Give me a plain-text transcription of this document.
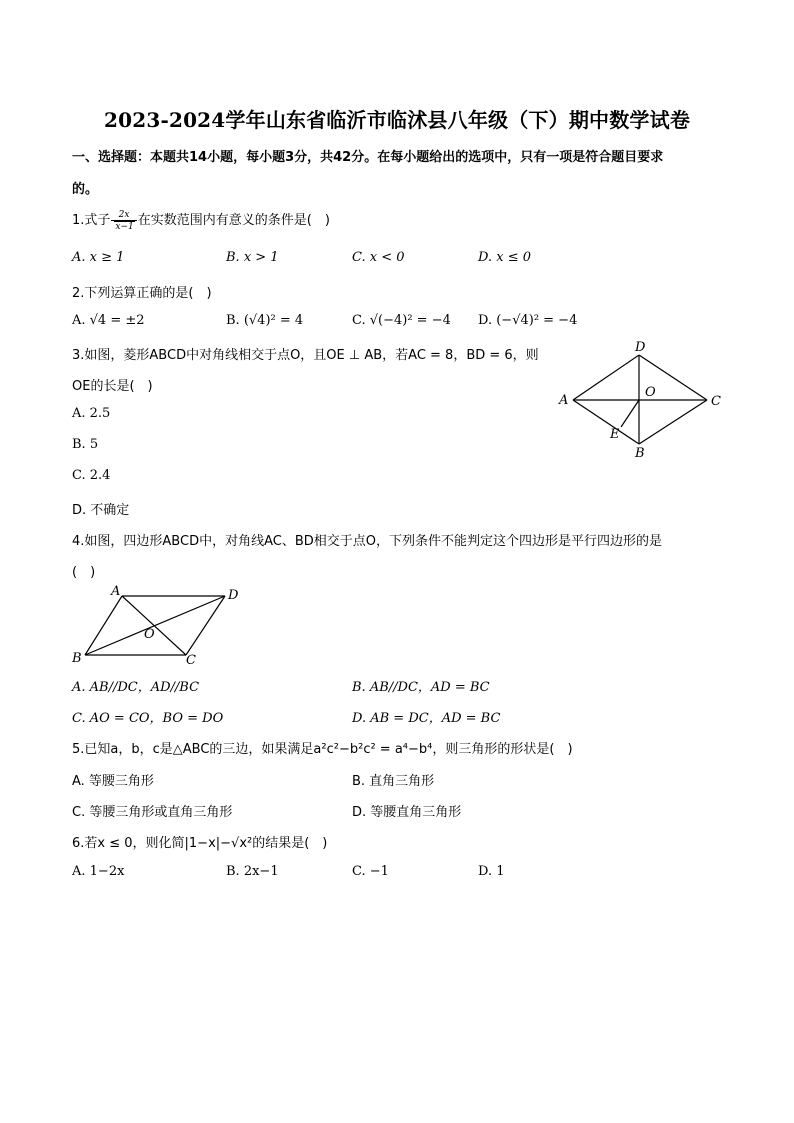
2023-2024学年山东省临沂市临沭县八年级（下）期中数学试卷
一、选择题：本题共14小题，每小题3分，共42分。在每小题给出的选项中，只有一项是符合题目要求
的。
1.式子 $\frac{2x}{x-1}$ 在实数范围内有意义的条件是(　)
A. x ≥ 1	B. x > 1	C. x < 0	D. x ≤ 0
2.下列运算正确的是(　)
A. √4 = ±2	B. (√4)² = 4	C. √(−4)² = −4 D. (−√4)² = −4
3.如图，菱形ABCD中对角线相交于点O，且OE ⊥ AB，若AC = 8，BD = 6，则
OE的长是(　)
A. 2.5
B. 5
C. 2.4
D. 不确定
D
A	C
O
E
B
4.如图，四边形ABCD中，对角线AC、BD相交于点O，下列条件不能判定这个四边形是平行四边形的是
(　)
A	D
O
B	C
A. AB//DC，AD//BC	B. AB//DC，AD = BC
C. AO = CO，BO = DO	D. AB = DC，AD = BC
5.已知a，b，c是△ABC的三边，如果满足a²c²−b²c² = a⁴−b⁴，则三角形的形状是(　)
A. 等腰三角形	B. 直角三角形
C. 等腰三角形或直角三角形	D. 等腰直角三角形
6.若x ≤ 0，则化简|1−x|−√x²的结果是(　)
A. 1−2x	B. 2x−1	C. −1	D. 1
